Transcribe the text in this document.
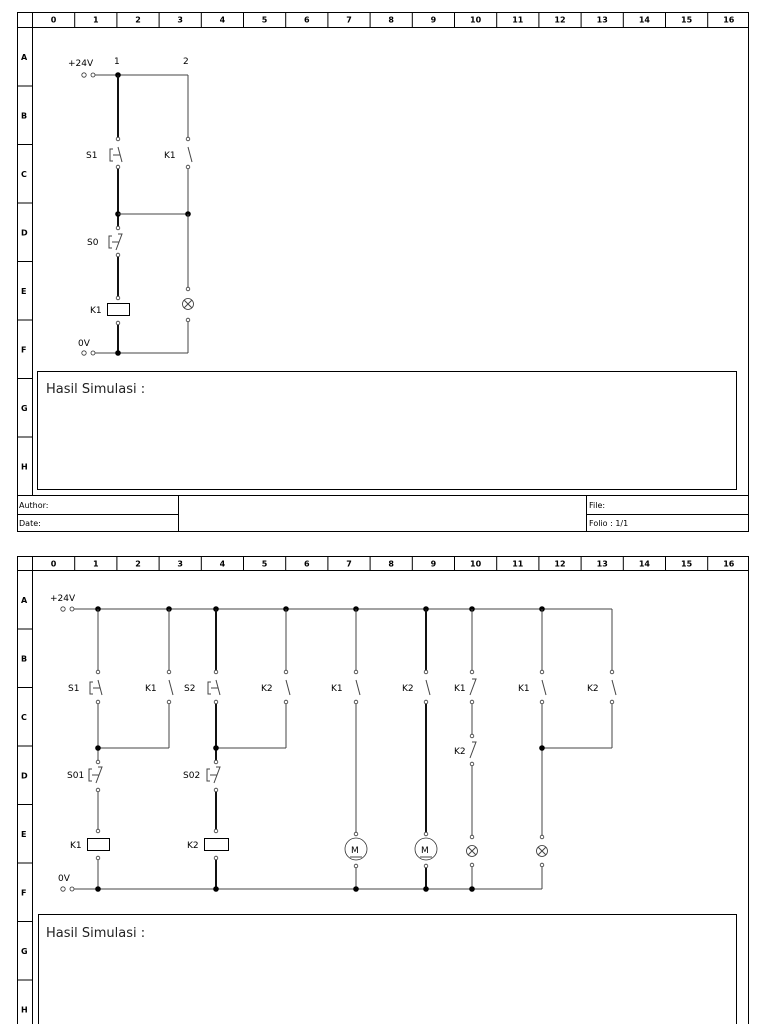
0	1	2	3	4	5	6	7	8	9	10	11	12	13	14	15	16
A
B
C
D
E
F
G
H
Author:
Date:
File:
Folio : 1/1
Hasil Simulasi :
+24V 1	2
S1
S0
K1
K1
0V
0	1	2	3	4	5	6	7	8	9	10	11	12	13	14	15	16
A
B
C
D
E
F
G
H
Hasil Simulasi :
+24V
S1	K1
S01
K1
S2	K2
S02
K2
K1
M
K2
M
K1
K2
K1	K2
0V
